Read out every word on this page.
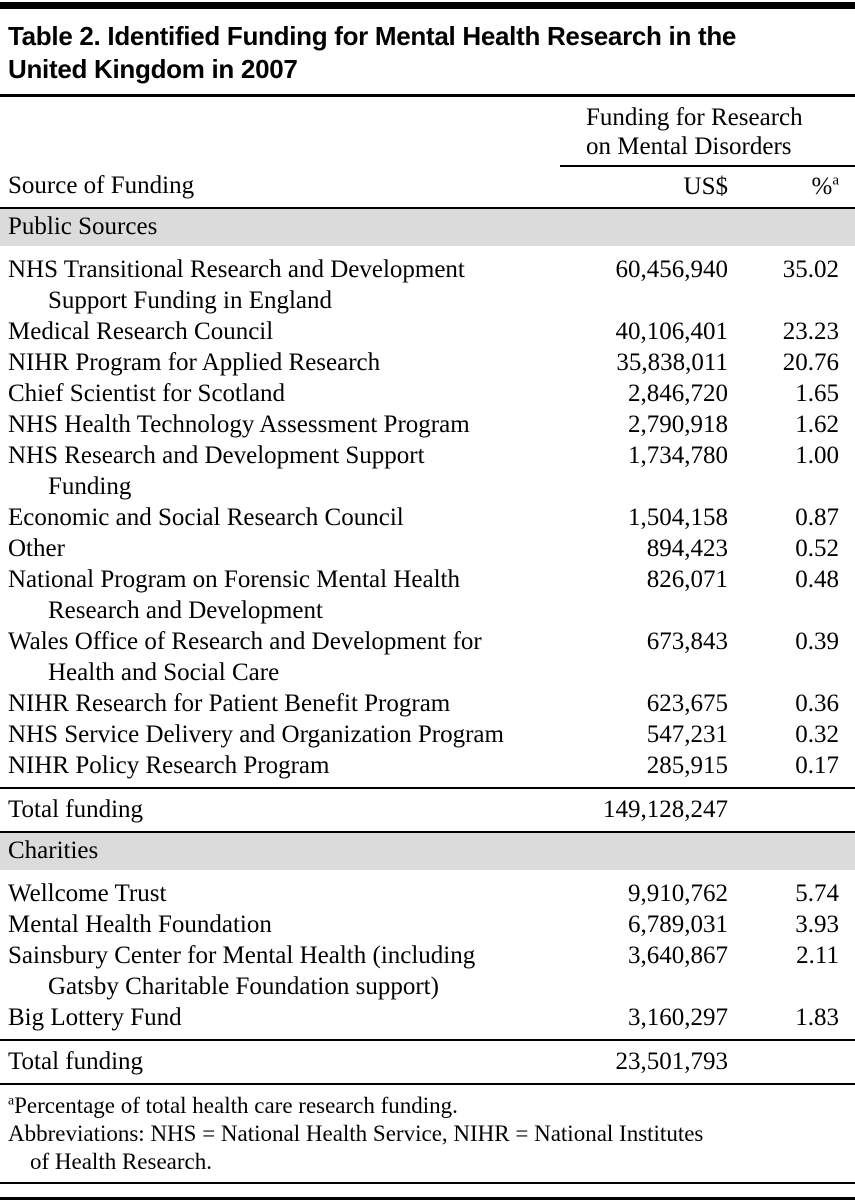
Table 2. Identified Funding for Mental Health Research in the
United Kingdom in 2007

	Funding for Research
on Mental Disorders	

Source of Funding	US$	%$^a$
Public Sources		

NHS Transitional Research and Development
Support Funding in England	60,456,940	35.02

Medical Research Council	40,106,401	23.23

NIHR Program for Applied Research	35,838,011	20.76

Chief Scientist for Scotland	2,846,720	1.65

NHS Health Technology Assessment Program	2,790,918	1.62

NHS Research and Development Support
Funding	1,734,780	1.00

Economic and Social Research Council	1,504,158	0.87

Other	894,423	0.52

National Program on Forensic Mental Health
Research and Development	826,071	0.48

Wales Office of Research and Development for
Health and Social Care	673,843	0.39

NIHR Research for Patient Benefit Program	623,675	0.36

NHS Service Delivery and Organization Program	547,231	0.32

NIHR Policy Research Program	285,915	0.17
Total funding	149,128,247	
Charities		

Wellcome Trust	9,910,762	5.74

Mental Health Foundation	6,789,031	3.93

Sainsbury Center for Mental Health (including
Gatsby Charitable Foundation support)	3,640,867	2.11

Big Lottery Fund	3,160,297	1.83
Total funding	23,501,793	
$^a$Percentage of total health care research funding.
Abbreviations: NHS = National Health Service, NIHR = National Institutes
of Health Research.
